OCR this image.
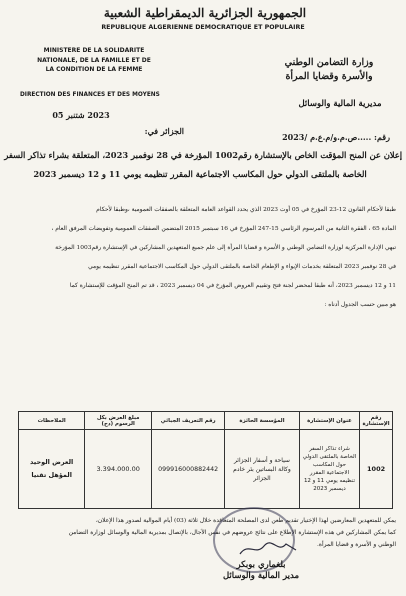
الجمهورية الجزائرية الديمقراطية الشعبية
REPUBLIQUE ALGERIENNE DEMOCRATIQUE ET POPULAIRE
MINISTERE DE LA SOLIDARITE
NATIONALE, DE LA FAMILLE ET DE
LA CONDITION DE LA FEMME
وزارة التضامن الوطني
والأسرة وقضايا المرأة
DIRECTION DES FINANCES ET DES MOYENS
مديرية المالية والوسائل
2023 شتنبر 05
الجزائر في:
رقم: .....ص.م.و/م.ع.م /2023
إعلان عن المنح المؤقت الخاص بالإستشارة رقم1002 المؤرخة في 28 نوفمبر 2023، المتعلقة بشراء تذاكر السفر
الخاصة بالملتقى الدولي حول المكاسب الاجتماعية المقرر تنظيمه يومي 11 و 12 ديسمبر 2023
طبقا لأحكام القانون 12-23 المؤرخ في 05 أوت 2023 الذي يحدد القواعد العامة المتعلقة بالصفقات العمومية ،وطبقا لأحكام
المادة 65 ، الفقرة الثانية من المرسوم الرئاسي 15-247 المؤرخ في 16 سبتمبر 2015 المتضمن الصفقات العمومية وتفويضات المرفق العام ،
تبهي الإدارة المركزية لوزارة التضامن الوطني و الأسرة و قضايا المرأة إلى علم جميع المتعهدين المشاركين في الإستشارة رقم1003 المؤرخة
في 28 نوفمبر 2023 المتعلقة بخدمات الإيواء و الإطعام الخاصة بالملتقى الدولي حول المكاسب الاجتماعية المقرر تنظيمه يومي
11 و 12 ديسمبر 2023، أنه طبقا لمحضر لجنة فتح وتقييم العروض المؤرخ في 04 ديسمبر 2023 ، قد تم المنح المؤقت للإستشارة كما
هو مبين حسب الجدول أدناه :
رقم الإستشارة	عنوان الإستشارة	المؤسسة الحائزة	رقم التعريف الجبائي	مبلغ العرض بكل الرسوم (دج)	الملاحظات
1002	شراء تذاكر السفر الخاصة بالملتقى الدولي حول المكاسب الاجتماعية المقرر تنظيمه يومي 11 و 12 ديسمبر 2023	سياحة و أسفار الجزائر وكالة البساتين بئر خادم الجزائر	099916000882442	3.394.000.00	العرض الوحيد المؤهل تقنيا
يمكن للمتعهدين المعارضين لهذا الإختيار تقديم طعن لدى المصلحة المتعاقدة خلال ثلاثة (03) أيام الموالية لصدور هذا الإعلان،
كما يمكن المشاركين في هذه الإستشارة الإطلاع على نتائج عروضهم في نفس الآجال، بالإتصال بمديرية المالية والوسائل لوزارة التضامن
الوطني و الأسرة و قضايا المرأة.
بلغماري بوبكر
مدير المالية والوسائل
